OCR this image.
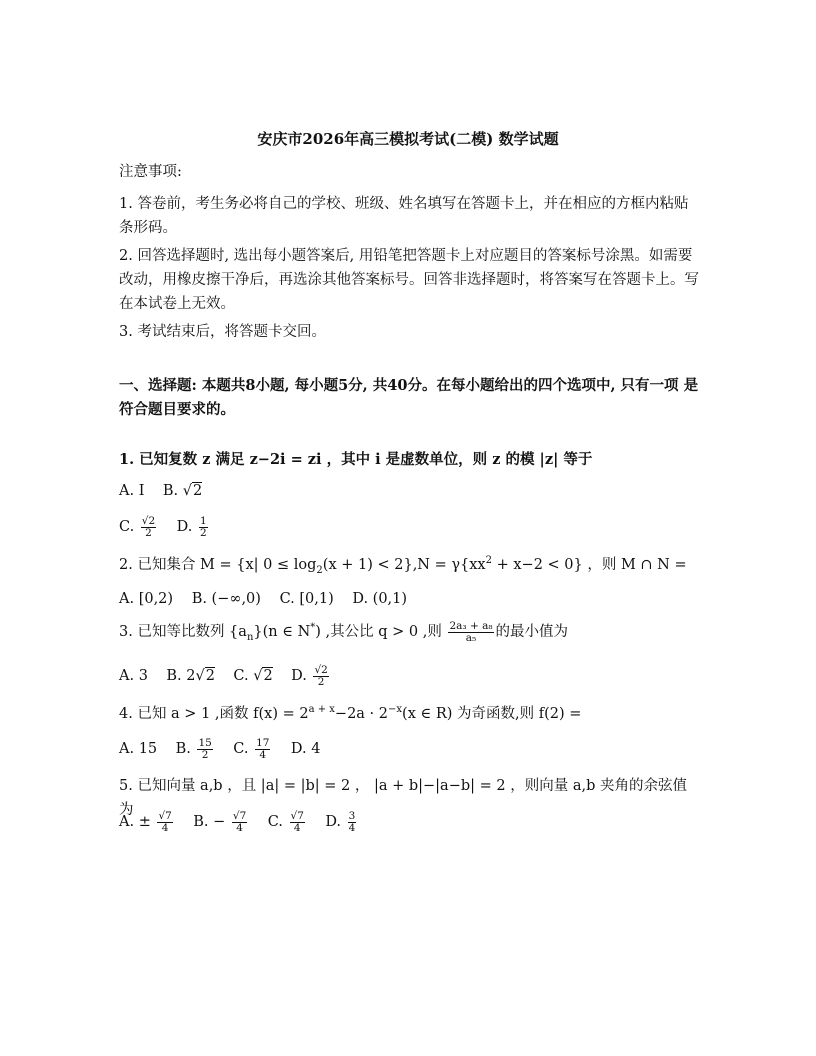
安庆市2026年高三模拟考试(二模) 数学试题
注意事项:
1. 答卷前，考生务必将自己的学校、班级、姓名填写在答题卡上，并在相应的方框内粘贴条形码。
2. 回答选择题时, 选出每小题答案后, 用铅笔把答题卡上对应题目的答案标号涂黑。如需要改动，用橡皮擦干净后，再选涂其他答案标号。回答非选择题时，将答案写在答题卡上。写在本试卷上无效。
3. 考试结束后，将答题卡交回。
一、选择题: 本题共8小题, 每小题5分, 共40分。在每小题给出的四个选项中, 只有一项 是符合题目要求的。
1. 已知复数 z 满足 z−2i = zi ，其中 i 是虚数单位，则 z 的模 |z| 等于
A. I B. √2
C. $\frac{√2}{2} D$. $\frac{1}{2}$
2. 已知集合 M = {x| $0 \le \log_2(x + 1) < 2\},N = \gamma\{xx^2 + x-2 < 0\}$ ，则 M ∩ N =
A. [0,2) B. (−∞,0) C. [0,1) D. (0,1)
3. 已知等比数列 $\{a_n\}(n$ ∈ N*) ,其公比 q > 0 ,则 $\frac{\text{2a₃ + a₈}}{\text{a₅}}$ 的最小值为
A. 3 B. 2√2 C. √2 D. $\frac{√2}{2}$
4. 已知 a > 1 ,函数 $f(x) = 2^{a + x}-2a \cdot 2^{-x}(x$ ∈ R) 为奇函数,则 f(2) =
A. 15 B. $\frac{15}{2} C$. $\frac{17}{4} D$. 4
5. 已知向量 a,b ，且 |a| = |b| = 2 ， |a + b|−|a−b| = 2 ，则向量 a,b 夹角的余弦值为
A. ± $\frac{√7}{4} B$. − $\frac{√7}{4} C$. $\frac{√7}{4} D$. $\frac{3}{4}$
